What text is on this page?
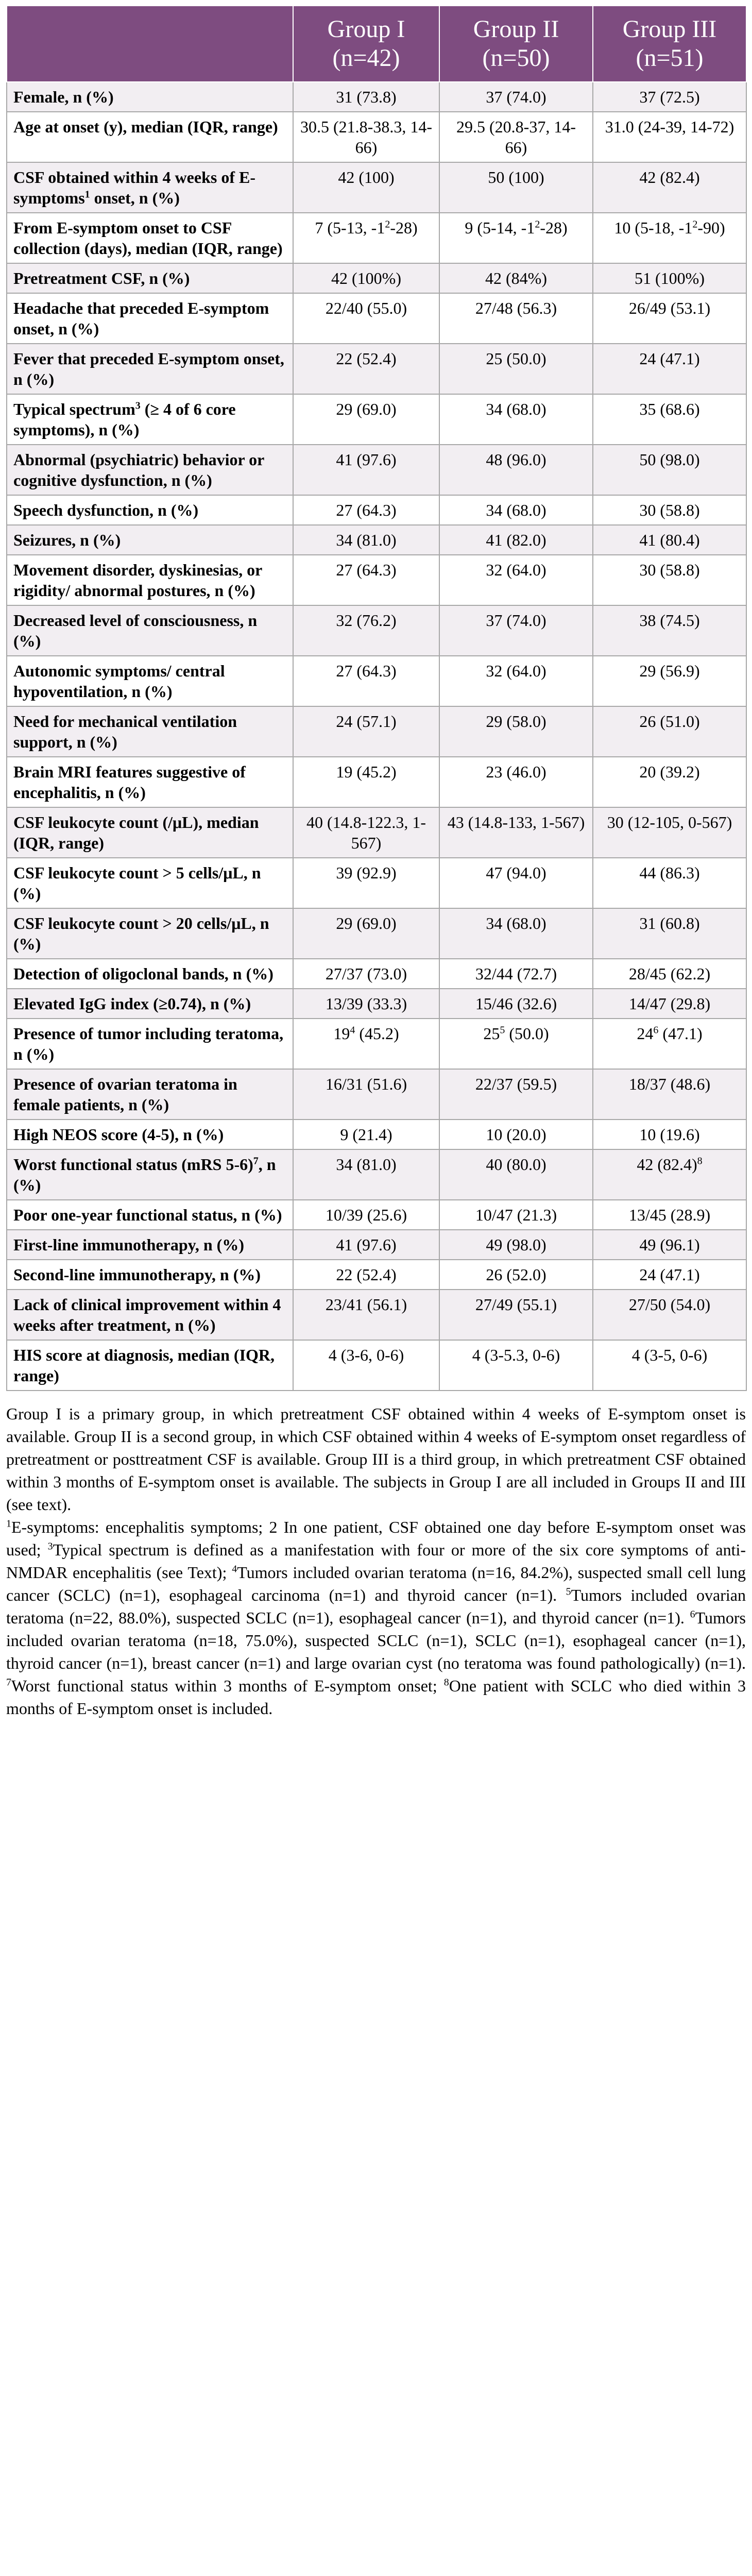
	Group I (n=42)	Group II (n=50)	Group III (n=51)
Female, n (%)	31 (73.8)	37 (74.0)	37 (72.5)
Age at onset (y), median (IQR, range)	30.5 (21.8-38.3, 14-66)	29.5 (20.8-37, 14-66)	31.0 (24-39, 14-72)
CSF obtained within 4 weeks of E-symptoms$^1$ onset, n (%)	42 (100)	50 (100)	42 (82.4)
From E-symptom onset to CSF collection (days), median (IQR, range)	7 (5-13, $-1^2-28$)	9 (5-14, $-1^2-28$)	10 (5-18, $-1^2-90$)
Pretreatment CSF, n (%)	42 (100%)	42 (84%)	51 (100%)
Headache that preceded E-symptom onset, n (%)	22/40 (55.0)	27/48 (56.3)	26/49 (53.1)
Fever that preceded E-symptom onset, n (%)	22 (52.4)	25 (50.0)	24 (47.1)
Typical spectrum$^3$ (≥ 4 of 6 core symptoms), n (%)	29 (69.0)	34 (68.0)	35 (68.6)
Abnormal (psychiatric) behavior or cognitive dysfunction, n (%)	41 (97.6)	48 (96.0)	50 (98.0)
Speech dysfunction, n (%)	27 (64.3)	34 (68.0)	30 (58.8)
Seizures, n (%)	34 (81.0)	41 (82.0)	41 (80.4)
Movement disorder, dyskinesias, or rigidity/ abnormal postures, n (%)	27 (64.3)	32 (64.0)	30 (58.8)
Decreased level of consciousness, n (%)	32 (76.2)	37 (74.0)	38 (74.5)
Autonomic symptoms/ central hypoventilation, n (%)	27 (64.3)	32 (64.0)	29 (56.9)
Need for mechanical ventilation support, n (%)	24 (57.1)	29 (58.0)	26 (51.0)
Brain MRI features suggestive of encephalitis, n (%)	19 (45.2)	23 (46.0)	20 (39.2)
CSF leukocyte count (/μL), median (IQR, range)	40 (14.8-122.3, 1-567)	43 (14.8-133, 1-567)	30 (12-105, 0-567)
CSF leukocyte count > 5 cells/μL, n (%)	39 (92.9)	47 (94.0)	44 (86.3)
CSF leukocyte count > 20 cells/μL, n (%)	29 (69.0)	34 (68.0)	31 (60.8)
Detection of oligoclonal bands, n (%)	27/37 (73.0)	32/44 (72.7)	28/45 (62.2)
Elevated IgG index (≥0.74), n (%)	13/39 (33.3)	15/46 (32.6)	14/47 (29.8)
Presence of tumor including teratoma, n (%)	$19^4$ (45.2)	$25^5$ (50.0)	$24^6$ (47.1)
Presence of ovarian teratoma in female patients, n (%)	16/31 (51.6)	22/37 (59.5)	18/37 (48.6)
High NEOS score (4-5), n (%)	9 (21.4)	10 (20.0)	10 (19.6)
Worst functional status (mRS 5-6)$^7$, n (%)	34 (81.0)	40 (80.0)	42 $(82.4)^8$
Poor one-year functional status, n (%)	10/39 (25.6)	10/47 (21.3)	13/45 (28.9)
First-line immunotherapy, n (%)	41 (97.6)	49 (98.0)	49 (96.1)
Second-line immunotherapy, n (%)	22 (52.4)	26 (52.0)	24 (47.1)
Lack of clinical improvement within 4 weeks after treatment, n (%)	23/41 (56.1)	27/49 (55.1)	27/50 (54.0)
HIS score at diagnosis, median (IQR, range)	4 (3-6, 0-6)	4 (3-5.3, 0-6)	4 (3-5, 0-6)

Group I is a primary group, in which pretreatment CSF obtained within 4 weeks of E-symptom onset is available. Group II is a second group, in which CSF obtained within 4 weeks of E-symptom onset regardless of pretreatment or posttreatment CSF is available. Group III is a third group, in which pretreatment CSF obtained within 3 months of E-symptom onset is available. The subjects in Group I are all included in Groups II and III (see text).

$^1$E-symptoms: encephalitis symptoms; 2 In one patient, CSF obtained one day before E-symptom onset was used; $^3$Typical spectrum is defined as a manifestation with four or more of the six core symptoms of anti-NMDAR encephalitis (see Text); $^4$Tumors included ovarian teratoma (n=16, 84.2%), suspected small cell lung cancer (SCLC) (n=1), esophageal carcinoma (n=1) and thyroid cancer (n=1). $^5$Tumors included ovarian teratoma (n=22, 88.0%), suspected SCLC (n=1), esophageal cancer (n=1), and thyroid cancer (n=1). $^6$Tumors included ovarian teratoma (n=18, 75.0%), suspected SCLC (n=1), SCLC (n=1), esophageal cancer (n=1), thyroid cancer (n=1), breast cancer (n=1) and large ovarian cyst (no teratoma was found pathologically) (n=1). $^7$Worst functional status within 3 months of E-symptom onset; $^8$One patient with SCLC who died within 3 months of E-symptom onset is included.
